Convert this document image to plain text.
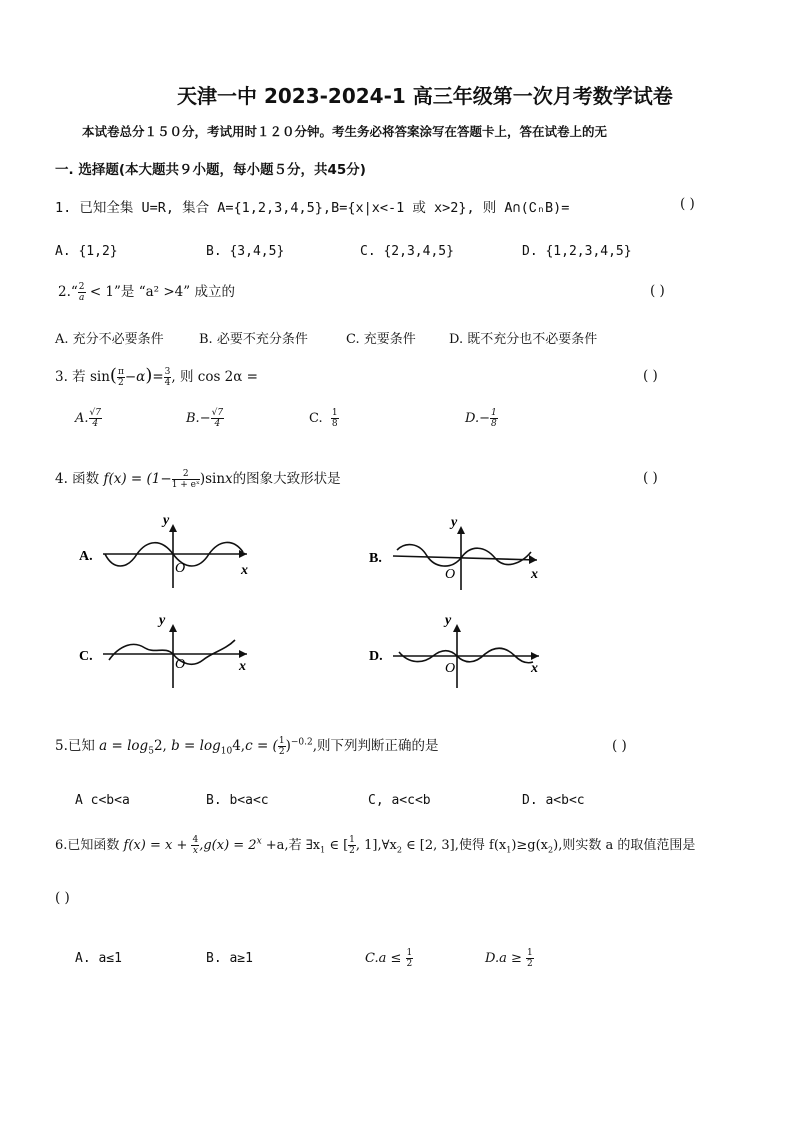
天津一中 2023-2024-1 高三年级第一次月考数学试卷
本试卷总分１５０分，考试用时１２０分钟。考生务必将答案涂写在答题卡上，答在试卷上的无
一. 选择题(本大题共９小题，每小题５分，共45分)
1. 已知全集 U=R, 集合 A={1,2,3,4,5},B={x|x<-1 或 x>2}, 则 A∩(∁ₙB)=	( )
A. {1,2}	B. {3,4,5}	C. {2,3,4,5}	D. {1,2,3,4,5}
2.“ $\frac{2}{a} < 1$”是 “a² >4” 成立的	( )
A. 充分不必要条件	B. 必要不充分条件	C. 充要条件	D. 既不充分也不必要条件
3. 若 $\sin( \frac{\pi}{2} -\alpha)= \frac{3}{4}$ , 则 cos 2α =	( )
A. $\frac{√7}{4}$	$B.- \frac{√7}{4}$	C. $\frac{1}{8}$	$D.- \frac{1}{8}$
4. 函数 $f(x) = (1- \frac{2}{\text{1 + eˣ}} )\sin x$的图象大致形状是	( )
A.
y
x
O
B.
y
x
O
C.
y
x
O
D.
y
x
O
5.已知 $a = \log_52$, $b = \log_{10}4,c$ = ( $\frac{1}{2} )^{-0.2}$,则下列判断正确的是	( )
A c<b<a	B. b<a<c	C, a<c<b	D. a<b<c
6.已知函数 $f(x) = x + \frac{4}{x} ,g(x) = 2^x +a$,若 $\exists x_1$ ∈ [ $\frac{1}{2}$ , $1],\forall x_2$ ∈ [2, 3],使得 $f(x_1)\ge g(x_2)$,则实数 a 的取值范围是
( )
A. a≤1	B. a≥1	$C.a \le \frac{1}{2}$	$D.a \ge \frac{1}{2}$
